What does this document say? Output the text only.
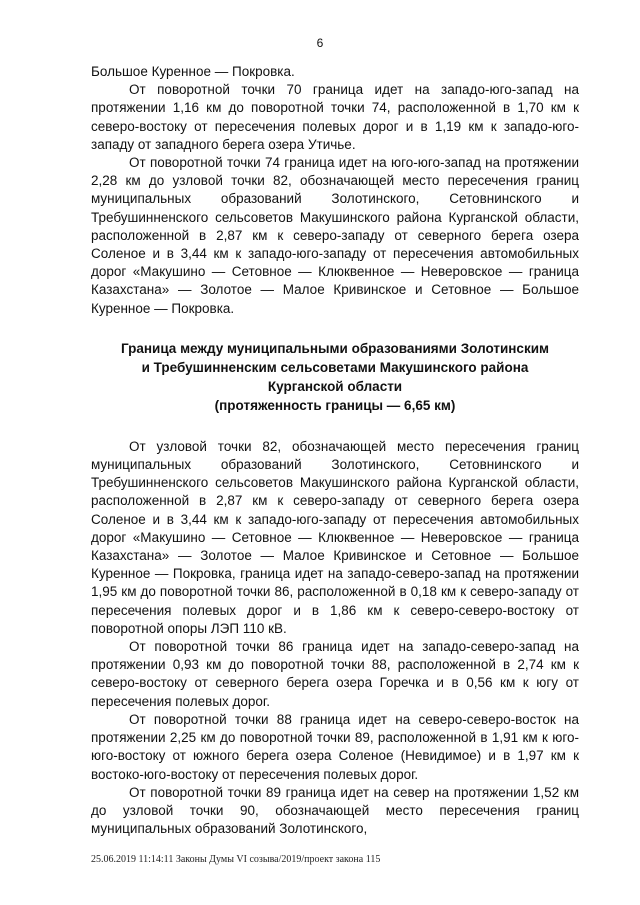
6

Большое Куренное — Покровка.

От поворотной точки 70 граница идет на западо-юго-запад на протяжении 1,16 км до поворотной точки 74, расположенной в 1,70 км к северо-востоку от пересечения полевых дорог и в 1,19 км к западо-юго-западу от западного берега озера Утичье.

От поворотной точки 74 граница идет на юго-юго-запад на протяжении 2,28 км до узловой точки 82, обозначающей место пересечения границ муниципальных образований Золотинского, Сетовнинского и Требушинненского сельсоветов Макушинского района Курганской области, расположенной в 2,87 км к северо-западу от северного берега озера Соленое и в 3,44 км к западо-юго-западу от пересечения автомобильных дорог «Макушино — Сетовное — Клюквенное — Неверовское — граница Казахстана» — Золотое — Малое Кривинское и Сетовное — Большое Куренное — Покровка.

Граница между муниципальными образованиями Золотинским
и Требушинненским сельсоветами Макушинского района
Курганской области
(протяженность границы — 6,65 км)

От узловой точки 82, обозначающей место пересечения границ муниципальных образований Золотинского, Сетовнинского и Требушинненского сельсоветов Макушинского района Курганской области, расположенной в 2,87 км к северо-западу от северного берега озера Соленое и в 3,44 км к западо-юго-западу от пересечения автомобильных дорог «Макушино — Сетовное — Клюквенное — Неверовское — граница Казахстана» — Золотое — Малое Кривинское и Сетовное — Большое Куренное — Покровка, граница идет на западо-северо-запад на протяжении 1,95 км до поворотной точки 86, расположенной в 0,18 км к северо-западу от пересечения полевых дорог и в 1,86 км к северо-северо-востоку от поворотной опоры ЛЭП 110 кВ.

От поворотной точки 86 граница идет на западо-северо-запад на протяжении 0,93 км до поворотной точки 88, расположенной в 2,74 км к северо-востоку от северного берега озера Горечка и в 0,56 км к югу от пересечения полевых дорог.

От поворотной точки 88 граница идет на северо-северо-восток на протяжении 2,25 км до поворотной точки 89, расположенной в 1,91 км к юго-юго-востоку от южного берега озера Соленое (Невидимое) и в 1,97 км к востоко-юго-востоку от пересечения полевых дорог.

От поворотной точки 89 граница идет на север на протяжении 1,52 км до узловой точки 90, обозначающей место пересечения границ муниципальных образований Золотинского,

25.06.2019 11:14:11 Законы Думы VI созыва/2019/проект закона 115
